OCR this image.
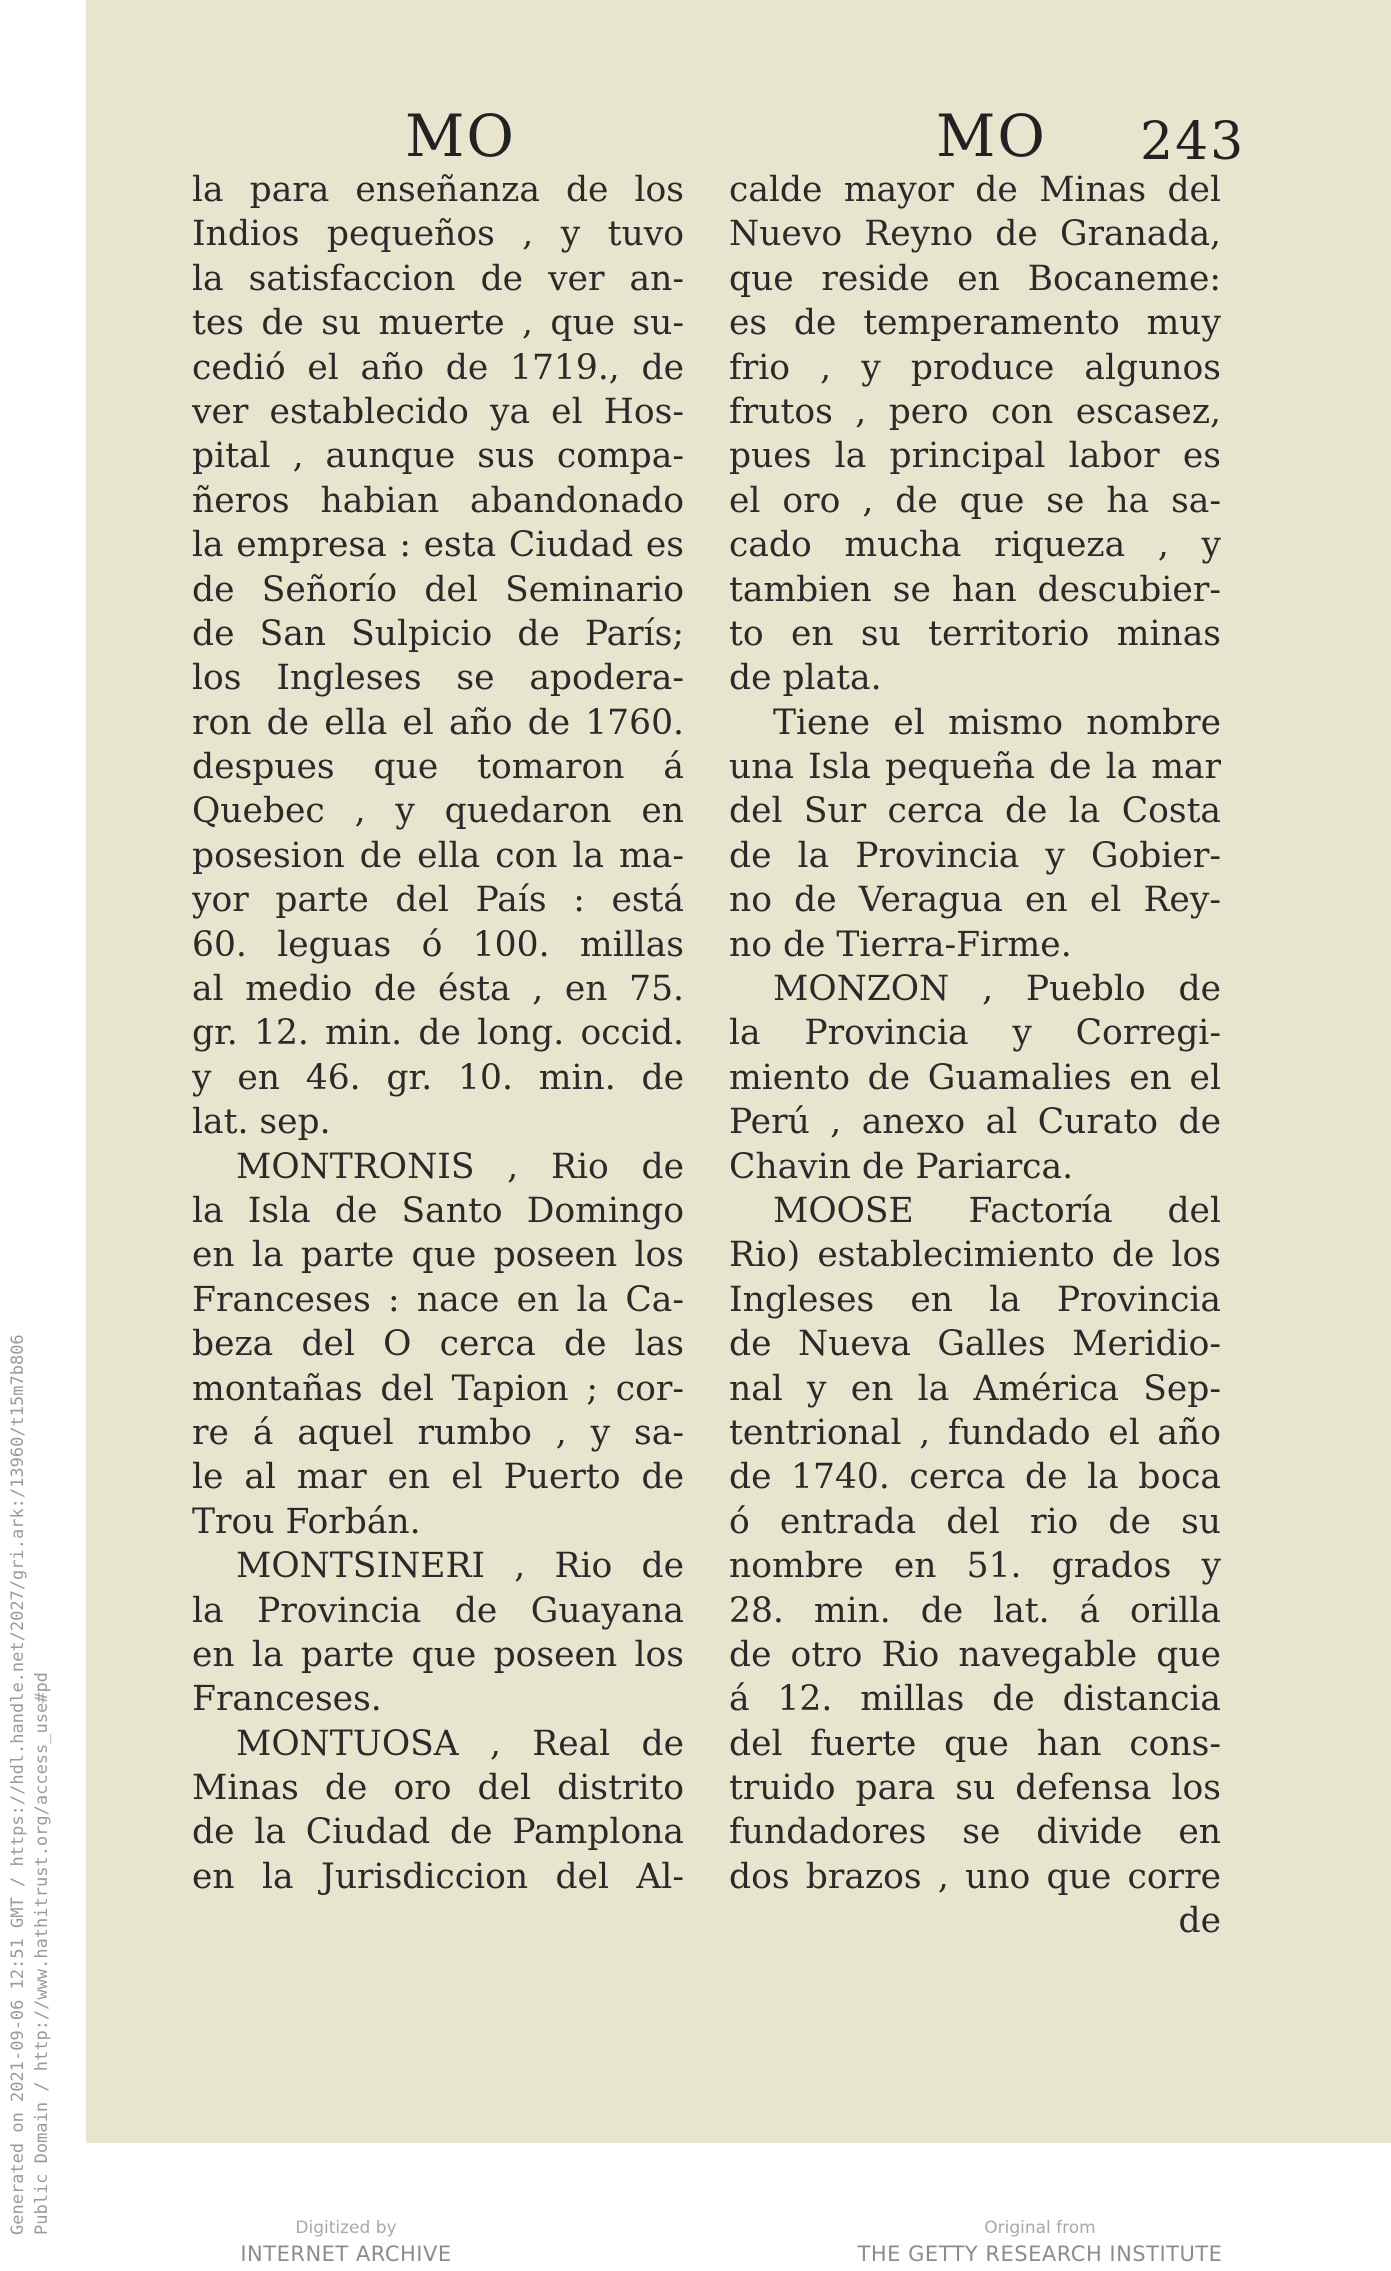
MO	MO 243
la para enseñanza de los
Indios pequeños , y tuvo
la satisfaccion de ver an-
tes de su muerte , que su-
cedió el año de 1719., de
ver establecido ya el Hos-
pital , aunque sus compa-
ñeros habian abandonado
la empresa : esta Ciudad es
de Señorío del Seminario
de San Sulpicio de París;
los Ingleses se apodera-
ron de ella el año de 1760.
despues que tomaron á
Quebec , y quedaron en
posesion de ella con la ma-
yor parte del País : está
60. leguas ó 100. millas
al medio de ésta , en 75.
gr. 12. min. de long. occid.
y en 46. gr. 10. min. de
lat. sep.
MONTRONIS , Rio de
la Isla de Santo Domingo
en la parte que poseen los
Franceses : nace en la Ca-
beza del O cerca de las
montañas del Tapion ; cor-
re á aquel rumbo , y sa-
le al mar en el Puerto de
Trou Forbán.
MONTSINERI , Rio de
la Provincia de Guayana
en la parte que poseen los
Franceses.
MONTUOSA , Real de
Minas de oro del distrito
de la Ciudad de Pamplona
en la Jurisdiccion del Al-
calde mayor de Minas del
Nuevo Reyno de Granada,
que reside en Bocaneme:
es de temperamento muy
frio , y produce algunos
frutos , pero con escasez,
pues la principal labor es
el oro , de que se ha sa-
cado mucha riqueza , y
tambien se han descubier-
to en su territorio minas
de plata.
Tiene el mismo nombre
una Isla pequeña de la mar
del Sur cerca de la Costa
de la Provincia y Gobier-
no de Veragua en el Rey-
no de Tierra-Firme.
MONZON , Pueblo de
la Provincia y Corregi-
miento de Guamalies en el
Perú , anexo al Curato de
Chavin de Pariarca.
MOOSE Factoría del
Rio) establecimiento de los
Ingleses en la Provincia
de Nueva Galles Meridio-
nal y en la América Sep-
tentrional , fundado el año
de 1740. cerca de la boca
ó entrada del rio de su
nombre en 51. grados y
28. min. de lat. á orilla
de otro Rio navegable que
á 12. millas de distancia
del fuerte que han cons-
truido para su defensa los
fundadores se divide en
dos brazos , uno que corre
de
Generated on 2021-09-06 12:51 GMT / https://hdl.handle.net/2027/gri.ark:/13960/t15m7b806 Public Domain / http://www.hathitrust.org/access_use#pd	Digitized by
INTERNET ARCHIVE
Original from
THE GETTY RESEARCH INSTITUTE
